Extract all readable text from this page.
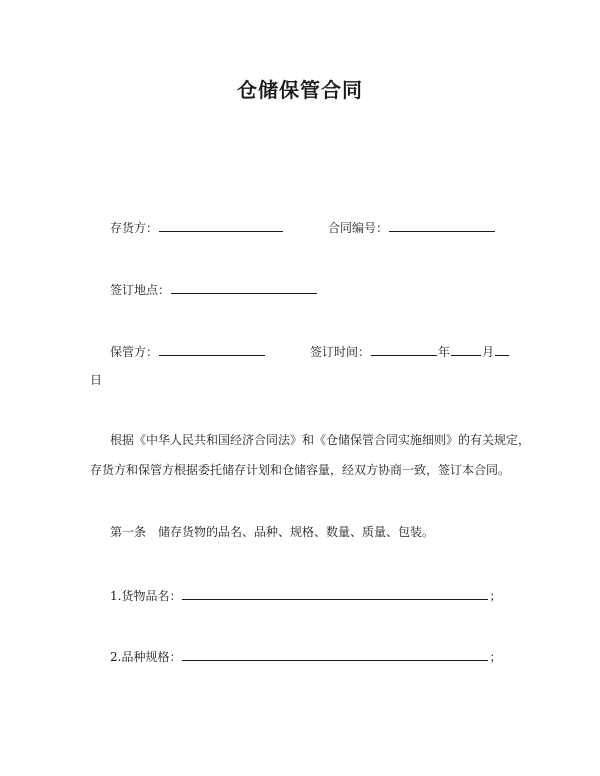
仓储保管合同
存货方：	合同编号：
签订地点：
保管方：	签订时间：	年	月
日
根据《中华人民共和国经济合同法》和《仓储保管合同实施细则》的有关规定，
存货方和保管方根据委托储存计划和仓储容量，经双方协商一致，签订本合同。
第一条　储存货物的品名、品种、规格、数量、质量、包装。
1.货物品名：	；
2.品种规格：	；
